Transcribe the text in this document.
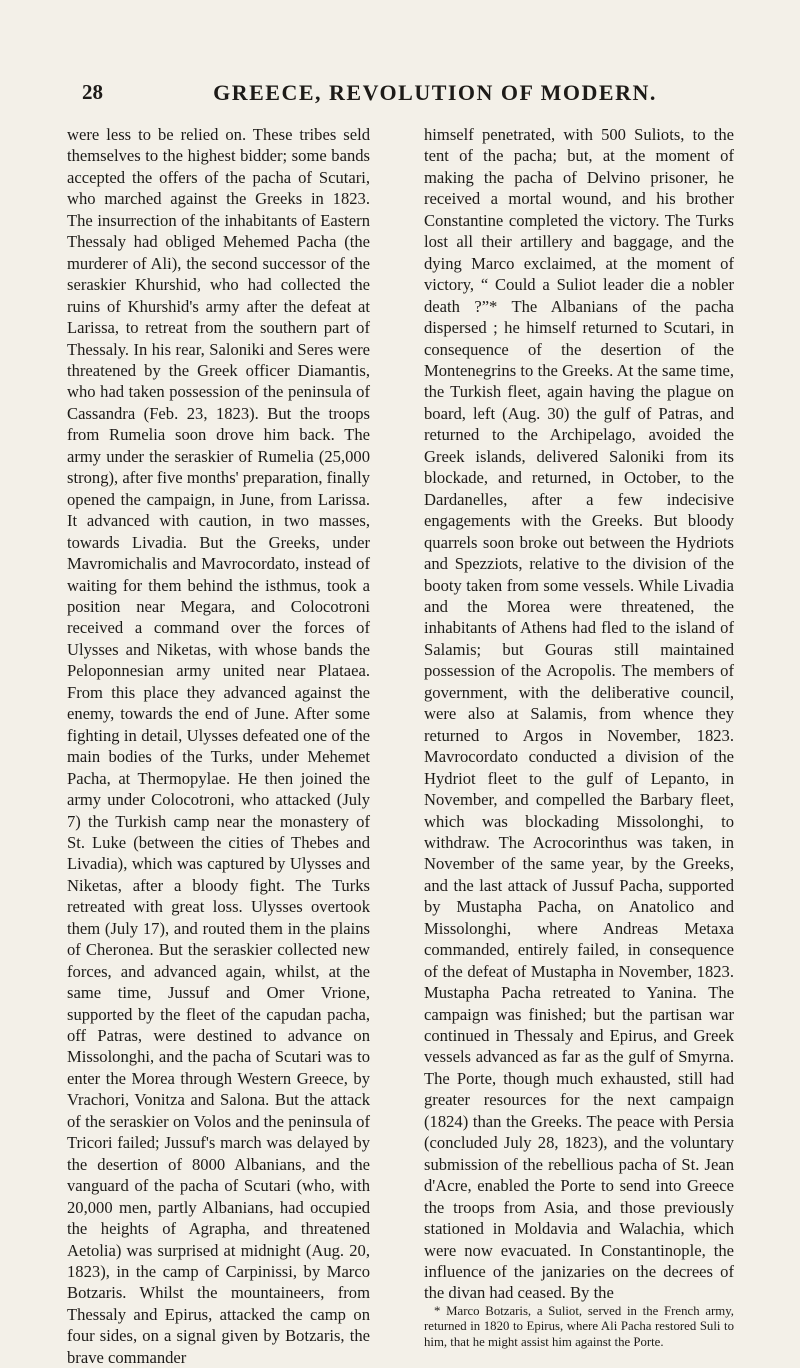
28	GREECE, REVOLUTION OF MODERN.

were less to be relied on. These tribes seld themselves to the highest bidder; some bands accepted the offers of the pacha of Scutari, who marched against the Greeks in 1823. The insurrection of the inhabitants of Eastern Thessaly had obliged Mehemed Pacha (the murderer of Ali), the second successor of the seraskier Khurshid, who had collected the ruins of Khurshid's army after the defeat at Larissa, to retreat from the southern part of Thessaly. In his rear, Saloniki and Seres were threatened by the Greek officer Diamantis, who had taken possession of the peninsula of Cassandra (Feb. 23, 1823). But the troops from Rumelia soon drove him back. The army under the seraskier of Rumelia (25,000 strong), after five months' preparation, finally opened the campaign, in June, from Larissa. It advanced with caution, in two masses, towards Livadia. But the Greeks, under Mavromichalis and Mavrocordato, instead of waiting for them behind the isthmus, took a position near Megara, and Colocotroni received a command over the forces of Ulysses and Niketas, with whose bands the Peloponnesian army united near Plataea. From this place they advanced against the enemy, towards the end of June. After some fighting in detail, Ulysses defeated one of the main bodies of the Turks, under Mehemet Pacha, at Thermopylae. He then joined the army under Colocotroni, who attacked (July 7) the Turkish camp near the monastery of St. Luke (between the cities of Thebes and Livadia), which was captured by Ulysses and Niketas, after a bloody fight. The Turks retreated with great loss. Ulysses overtook them (July 17), and routed them in the plains of Cheronea. But the seraskier collected new forces, and advanced again, whilst, at the same time, Jussuf and Omer Vrione, supported by the fleet of the capudan pacha, off Patras, were destined to advance on Missolonghi, and the pacha of Scutari was to enter the Morea through Western Greece, by Vrachori, Vonitza and Salona. But the attack of the seraskier on Volos and the peninsula of Tricori failed; Jussuf's march was delayed by the desertion of 8000 Albanians, and the vanguard of the pacha of Scutari (who, with 20,000 men, partly Albanians, had occupied the heights of Agrapha, and threatened Aetolia) was surprised at midnight (Aug. 20, 1823), in the camp of Carpinissi, by Marco Botzaris. Whilst the mountaineers, from Thessaly and Epirus, attacked the camp on four sides, on a signal given by Botzaris, the brave commander

himself penetrated, with 500 Suliots, to the tent of the pacha; but, at the moment of making the pacha of Delvino prisoner, he received a mortal wound, and his brother Constantine completed the victory. The Turks lost all their artillery and baggage, and the dying Marco exclaimed, at the moment of victory, “ Could a Suliot leader die a nobler death ?”* The Albanians of the pacha dispersed ; he himself returned to Scutari, in consequence of the desertion of the Montenegrins to the Greeks. At the same time, the Turkish fleet, again having the plague on board, left (Aug. 30) the gulf of Patras, and returned to the Archipelago, avoided the Greek islands, delivered Saloniki from its blockade, and returned, in October, to the Dardanelles, after a few indecisive engagements with the Greeks. But bloody quarrels soon broke out between the Hydriots and Spezziots, relative to the division of the booty taken from some vessels. While Livadia and the Morea were threatened, the inhabitants of Athens had fled to the island of Salamis; but Gouras still maintained possession of the Acropolis. The members of government, with the deliberative council, were also at Salamis, from whence they returned to Argos in November, 1823. Mavrocordato conducted a division of the Hydriot fleet to the gulf of Lepanto, in November, and compelled the Barbary fleet, which was blockading Missolonghi, to withdraw. The Acrocorinthus was taken, in November of the same year, by the Greeks, and the last attack of Jussuf Pacha, supported by Mustapha Pacha, on Anatolico and Missolonghi, where Andreas Metaxa commanded, entirely failed, in consequence of the defeat of Mustapha in November, 1823. Mustapha Pacha retreated to Yanina. The campaign was finished; but the partisan war continued in Thessaly and Epirus, and Greek vessels advanced as far as the gulf of Smyrna. The Porte, though much exhausted, still had greater resources for the next campaign (1824) than the Greeks. The peace with Persia (concluded July 28, 1823), and the voluntary submission of the rebellious pacha of St. Jean d'Acre, enabled the Porte to send into Greece the troops from Asia, and those previously stationed in Moldavia and Walachia, which were now evacuated. In Constantinople, the influence of the janizaries on the decrees of the divan had ceased. By the

* Marco Botzaris, a Suliot, served in the French army, returned in 1820 to Epirus, where Ali Pacha restored Suli to him, that he might assist him against the Porte.
